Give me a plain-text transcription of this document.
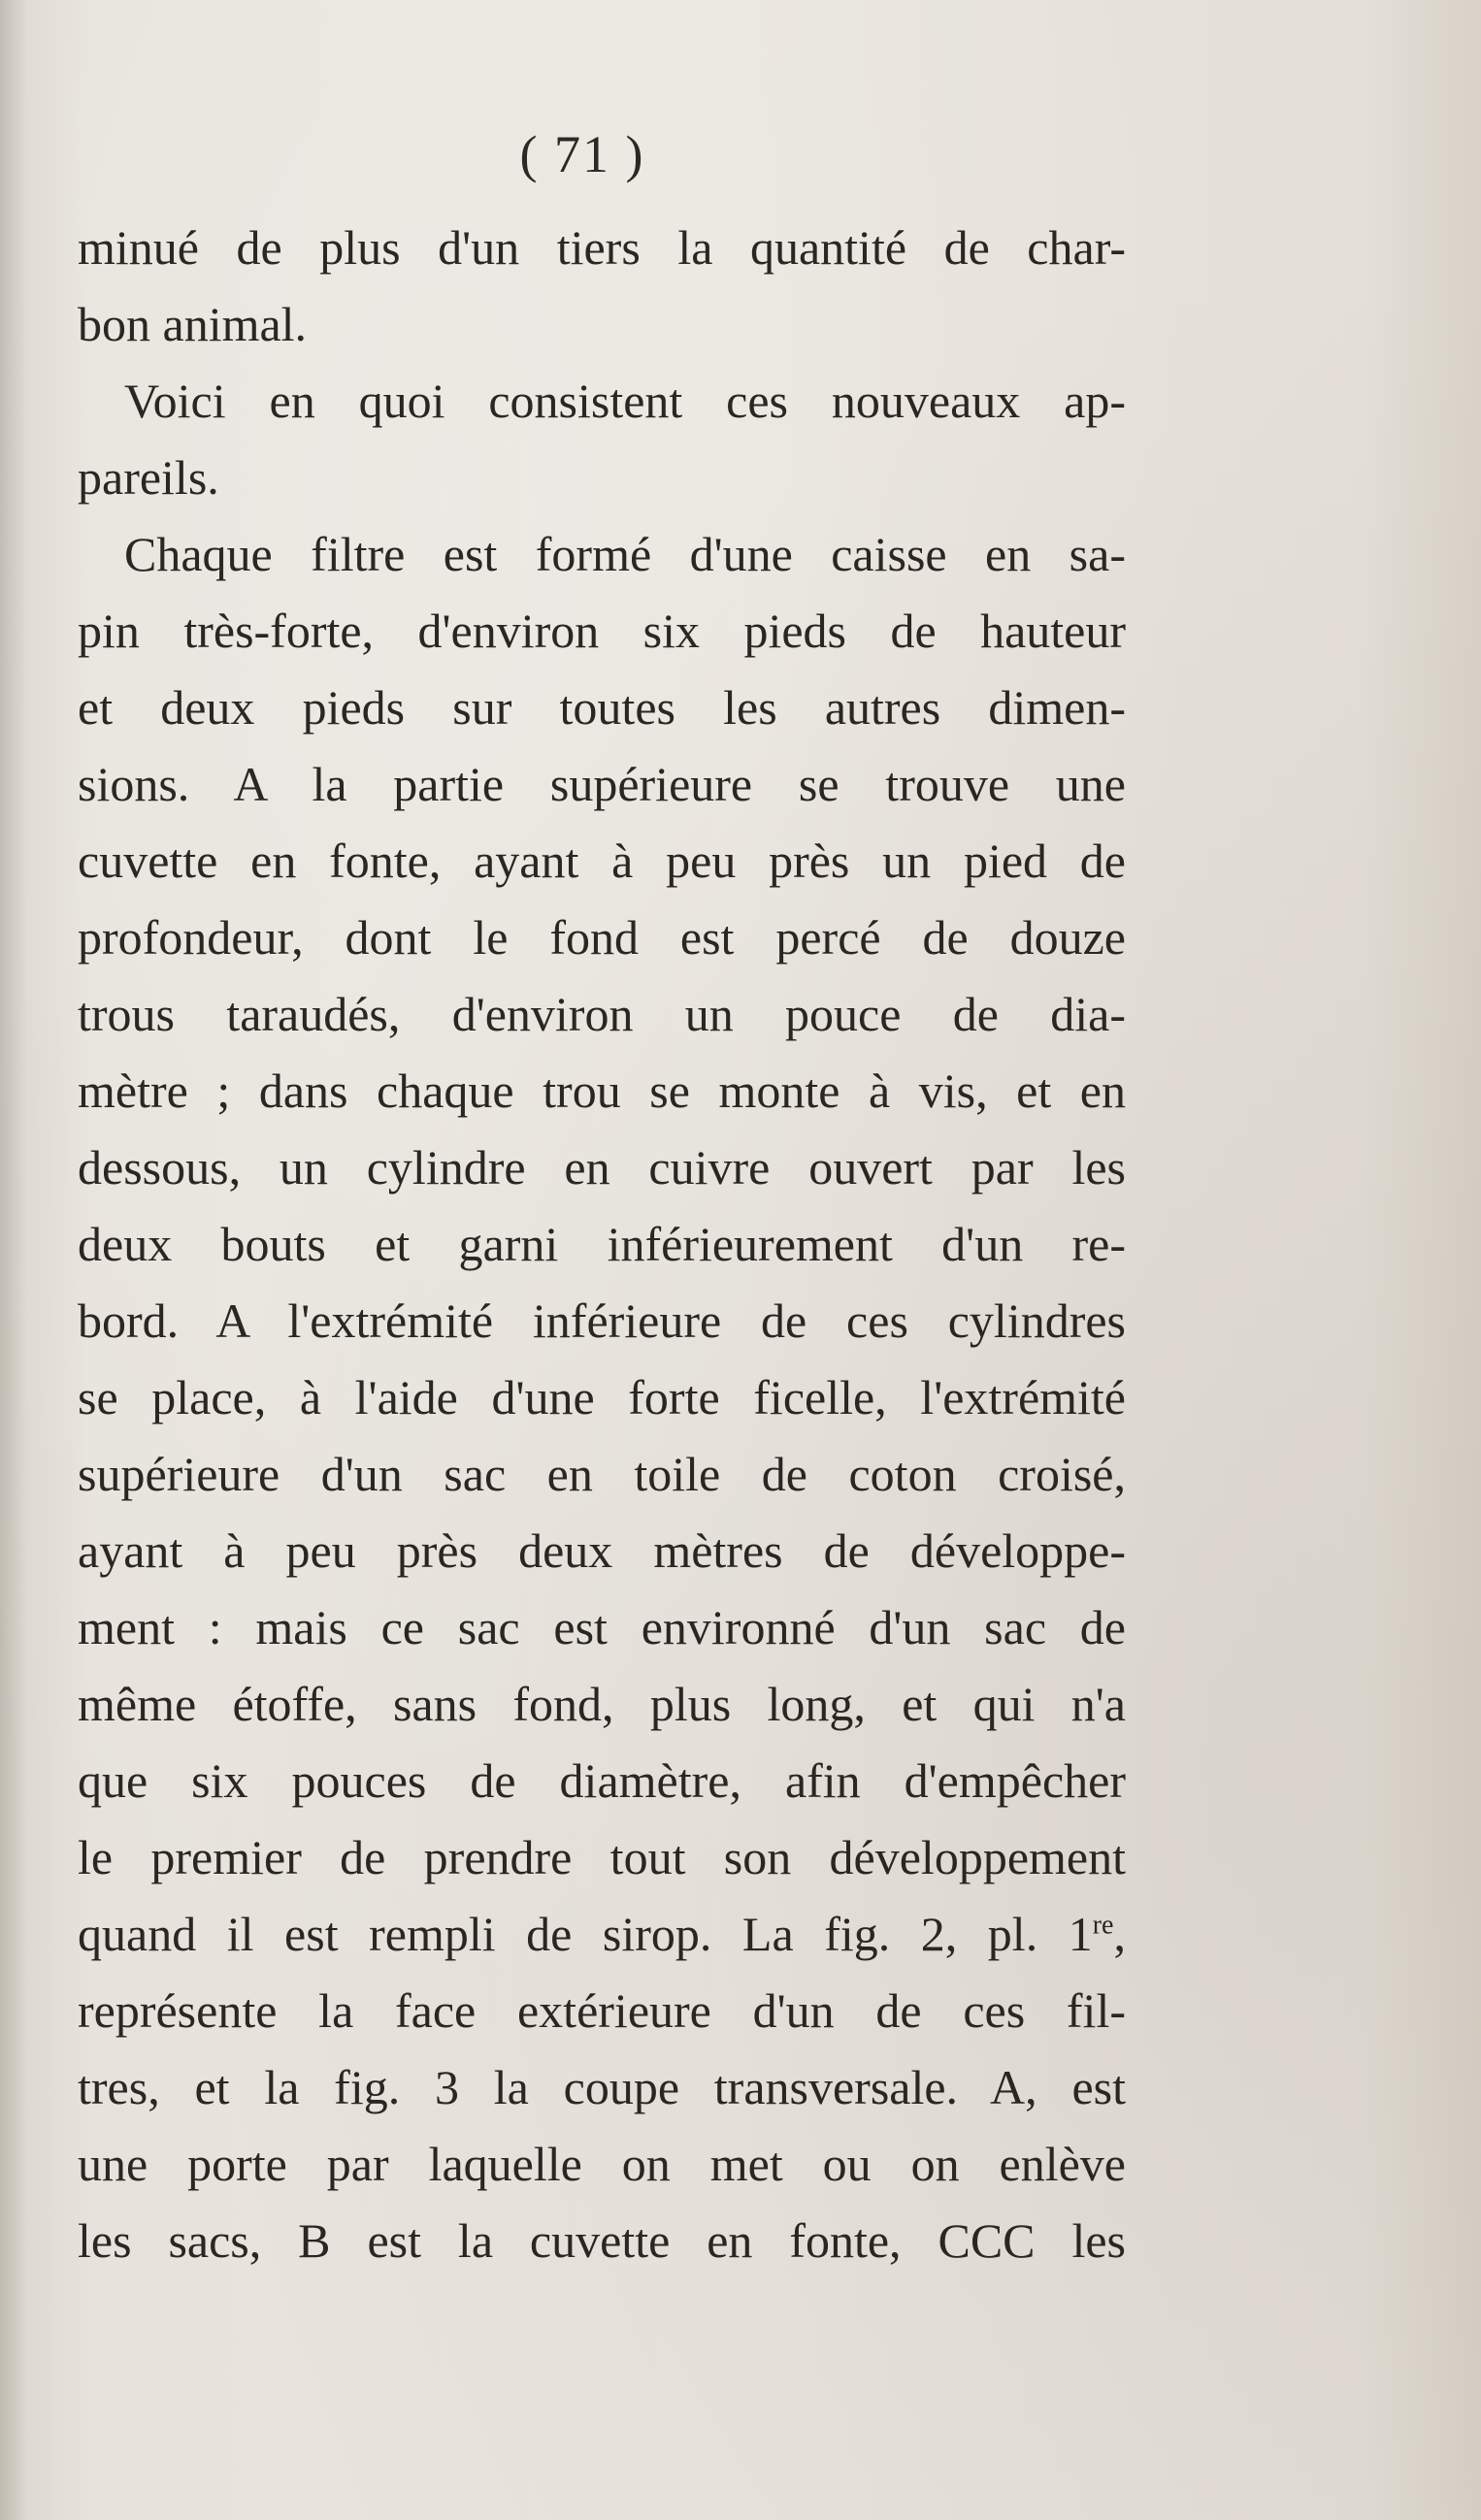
( 71 )
minué de plus d'un tiers la quantité de char-
bon animal.
Voici en quoi consistent ces nouveaux ap-
pareils.
Chaque filtre est formé d'une caisse en sa-
pin très-forte, d'environ six pieds de hauteur
et deux pieds sur toutes les autres dimen-
sions. A la partie supérieure se trouve une
cuvette en fonte, ayant à peu près un pied de
profondeur, dont le fond est percé de douze
trous taraudés, d'environ un pouce de dia-
mètre ; dans chaque trou se monte à vis, et en
dessous, un cylindre en cuivre ouvert par les
deux bouts et garni inférieurement d'un re-
bord. A l'extrémité inférieure de ces cylindres
se place, à l'aide d'une forte ficelle, l'extrémité
supérieure d'un sac en toile de coton croisé,
ayant à peu près deux mètres de développe-
ment : mais ce sac est environné d'un sac de
même étoffe, sans fond, plus long, et qui n'a
que six pouces de diamètre, afin d'empêcher
le premier de prendre tout son développement
quand il est rempli de sirop. La fig. 2, pl. 1re,
représente la face extérieure d'un de ces fil-
tres, et la fig. 3 la coupe transversale. A, est
une porte par laquelle on met ou on enlève
les sacs, B est la cuvette en fonte, CCC les
